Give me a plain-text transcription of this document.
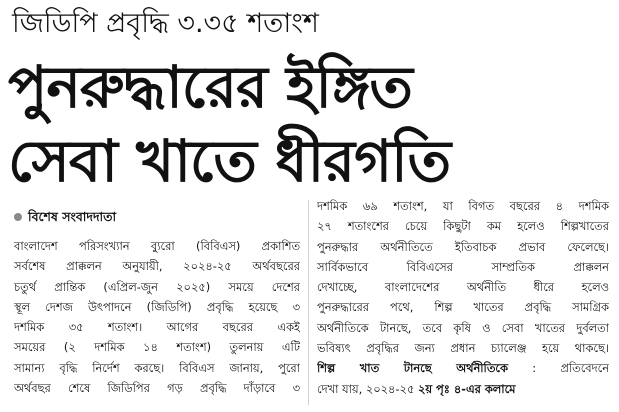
জিডিপি প্রবৃদ্ধি ৩.৩৫ শতাংশ
পুনরুদ্ধারের ইঙ্গিত
সেবা খাতে ধীরগতি
বিশেষ সংবাদদাতা
বাংলাদেশ পরিসংখ্যান ব্যুরো (বিবিএস) প্রকাশিত
সর্বশেষ প্রাক্কলন অনুযায়ী, ২০২৪-২৫ অর্থবছরের
চতুর্থ প্রান্তিক (এপ্রিল-জুন ২০২৫) সময়ে দেশের
স্থূল দেশজ উৎপাদনে (জিডিপি) প্রবৃদ্ধি হয়েছে ৩
দশমিক ৩৫ শতাংশ। আগের বছরের একই
সময়ের (২ দশমিক ১৪ শতাংশ) তুলনায় এটি
সামান্য বৃদ্ধি নির্দেশ করছে। বিবিএস জানায়, পুরো
অর্থবছর শেষে জিডিপির গড় প্রবৃদ্ধি দাঁড়াবে ৩
দশমিক ৬৯ শতাংশ, যা বিগত বছরের ৪ দশমিক
২৭ শতাংশের চেয়ে কিছুটা কম হলেও শিল্পখাতের
পুনরুদ্ধার অর্থনীতিতে ইতিবাচক প্রভাব ফেলেছে।
সার্বিকভাবে বিবিএসের সাম্প্রতিক প্রাক্কলন
দেখাচ্ছে, বাংলাদেশের অর্থনীতি ধীরে হলেও
পুনরুদ্ধারের পথে, শিল্প খাতের প্রবৃদ্ধি সামগ্রিক
অর্থনীতিকে টানছে, তবে কৃষি ও সেবা খাতের দুর্বলতা
ভবিষ্যৎ প্রবৃদ্ধির জন্য প্রধান চ্যালেঞ্জ হয়ে থাকছে।
শিল্প খাত টানছে অর্থনীতিকে : প্রতিবেদনে
দেখা যায়, ২০২৪-২৫ ২য় পৃঃ ৪-এর কলামে
